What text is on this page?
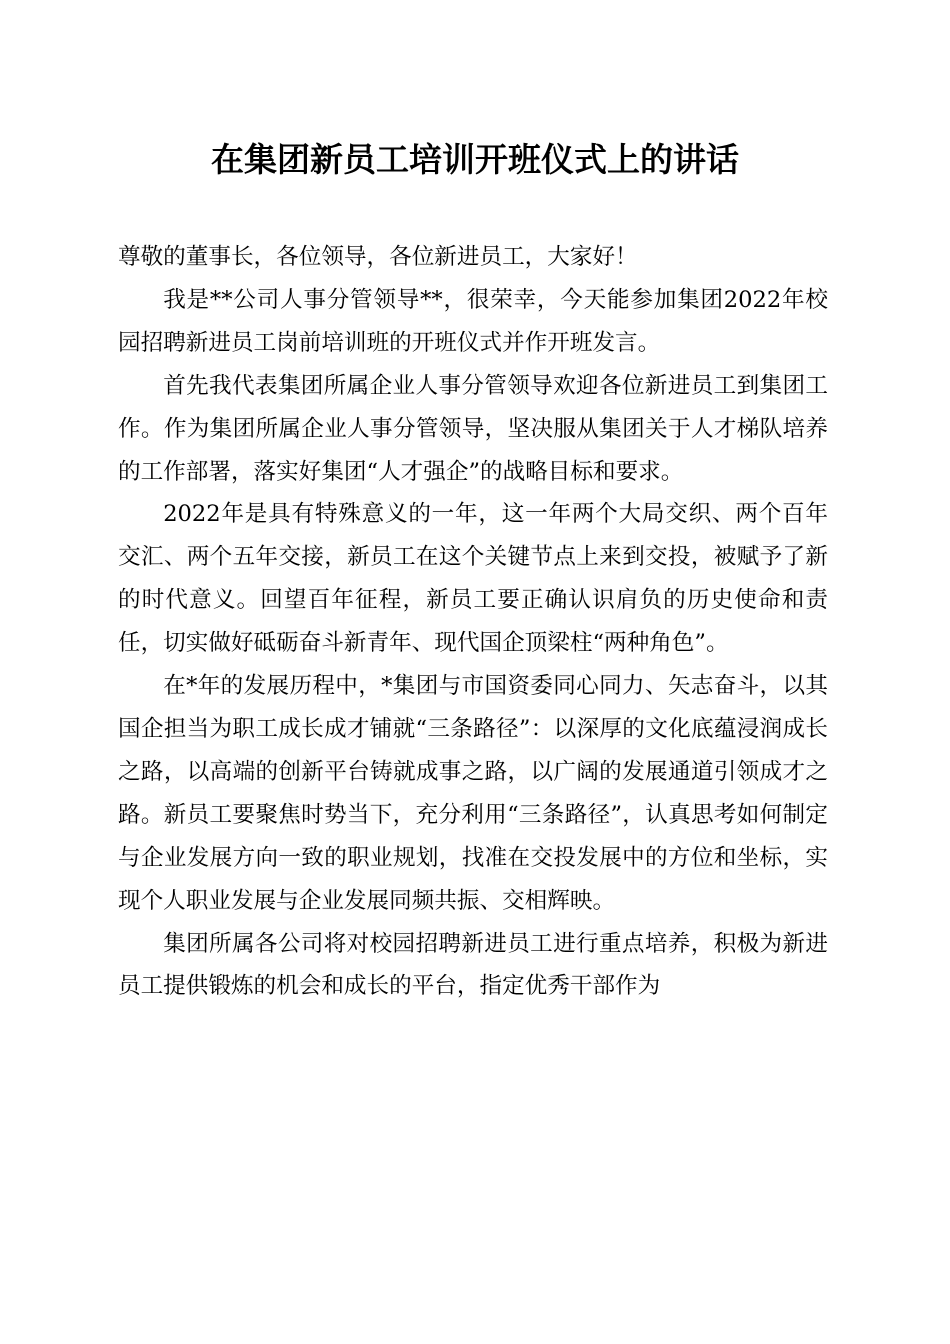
在集团新员工培训开班仪式上的讲话

尊敬的董事长，各位领导，各位新进员工，大家好！

我是**公司人事分管领导**，很荣幸，今天能参加集团2022年校园招聘新进员工岗前培训班的开班仪式并作开班发言。

首先我代表集团所属企业人事分管领导欢迎各位新进员工到集团工作。作为集团所属企业人事分管领导，坚决服从集团关于人才梯队培养的工作部署，落实好集团“人才强企”的战略目标和要求。

2022年是具有特殊意义的一年，这一年两个大局交织、两个百年交汇、两个五年交接，新员工在这个关键节点上来到交投，被赋予了新的时代意义。回望百年征程，新员工要正确认识肩负的历史使命和责任，切实做好砥砺奋斗新青年、现代国企顶梁柱“两种角色”。

在*年的发展历程中，*集团与市国资委同心同力、矢志奋斗，以其国企担当为职工成长成才铺就“三条路径”：以深厚的文化底蕴浸润成长之路，以高端的创新平台铸就成事之路，以广阔的发展通道引领成才之路。新员工要聚焦时势当下，充分利用“三条路径”，认真思考如何制定与企业发展方向一致的职业规划，找准在交投发展中的方位和坐标，实现个人职业发展与企业发展同频共振、交相辉映。

集团所属各公司将对校园招聘新进员工进行重点培养，积极为新进员工提供锻炼的机会和成长的平台，指定优秀干部作为
